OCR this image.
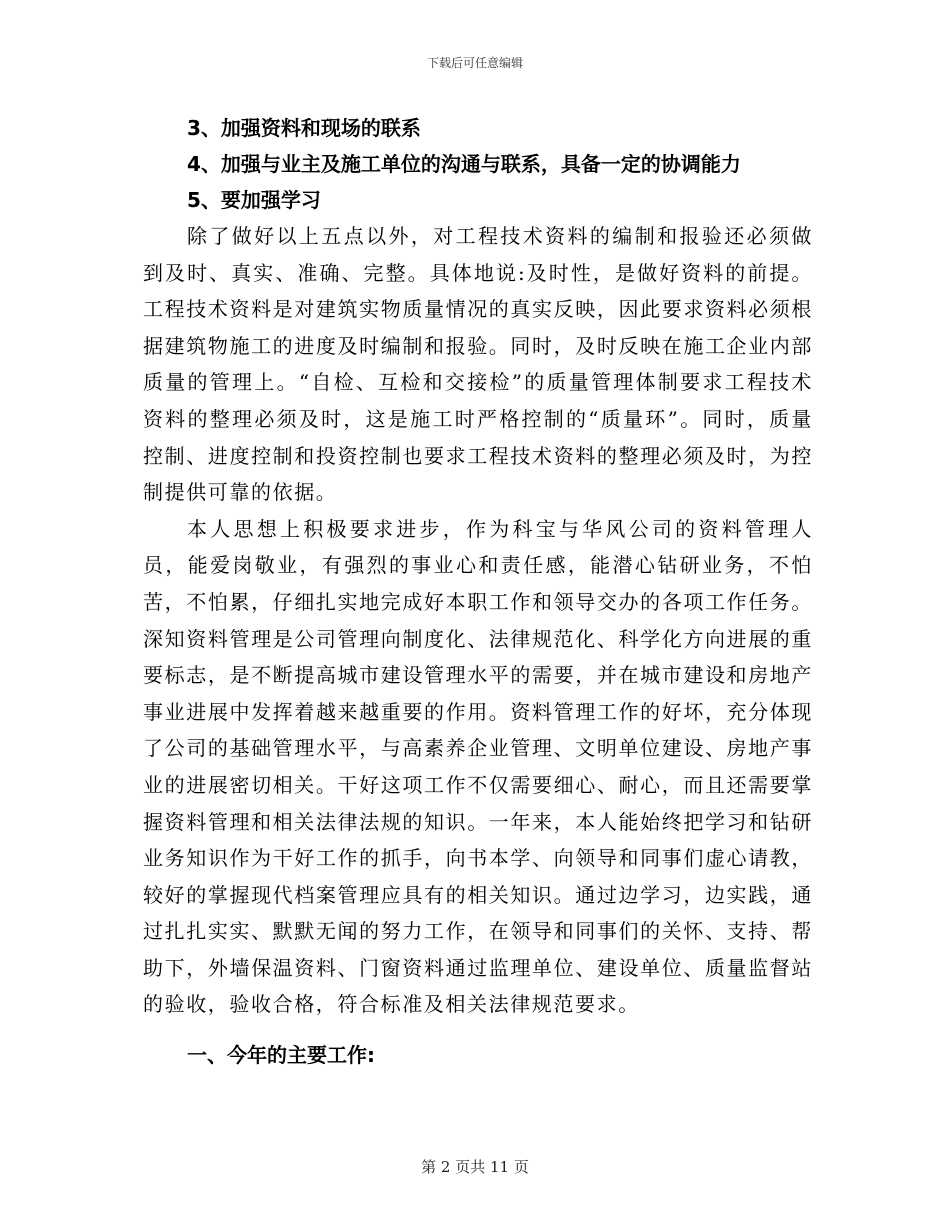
下载后可任意编辑

3、加强资料和现场的联系

4、加强与业主及施工单位的沟通与联系，具备一定的协调能力

5、要加强学习

除了做好以上五点以外，对工程技术资料的编制和报验还必须做到及时、真实、准确、完整。具体地说:及时性，是做好资料的前提。工程技术资料是对建筑实物质量情况的真实反映，因此要求资料必须根据建筑物施工的进度及时编制和报验。同时，及时反映在施工企业内部质量的管理上。“自检、互检和交接检”的质量管理体制要求工程技术资料的整理必须及时，这是施工时严格控制的“质量环”。同时，质量控制、进度控制和投资控制也要求工程技术资料的整理必须及时，为控制提供可靠的依据。

本人思想上积极要求进步，作为科宝与华风公司的资料管理人员，能爱岗敬业，有强烈的事业心和责任感，能潜心钻研业务，不怕苦，不怕累，仔细扎实地完成好本职工作和领导交办的各项工作任务。深知资料管理是公司管理向制度化、法律规范化、科学化方向进展的重要标志，是不断提高城市建设管理水平的需要，并在城市建设和房地产事业进展中发挥着越来越重要的作用。资料管理工作的好坏，充分体现了公司的基础管理水平，与高素养企业管理、文明单位建设、房地产事业的进展密切相关。干好这项工作不仅需要细心、耐心，而且还需要掌握资料管理和相关法律法规的知识。一年来，本人能始终把学习和钻研业务知识作为干好工作的抓手，向书本学、向领导和同事们虚心请教，较好的掌握现代档案管理应具有的相关知识。通过边学习，边实践，通过扎扎实实、默默无闻的努力工作，在领导和同事们的关怀、支持、帮助下，外墙保温资料、门窗资料通过监理单位、建设单位、质量监督站的验收，验收合格，符合标准及相关法律规范要求。

一、今年的主要工作:

第 2 页共 11 页
